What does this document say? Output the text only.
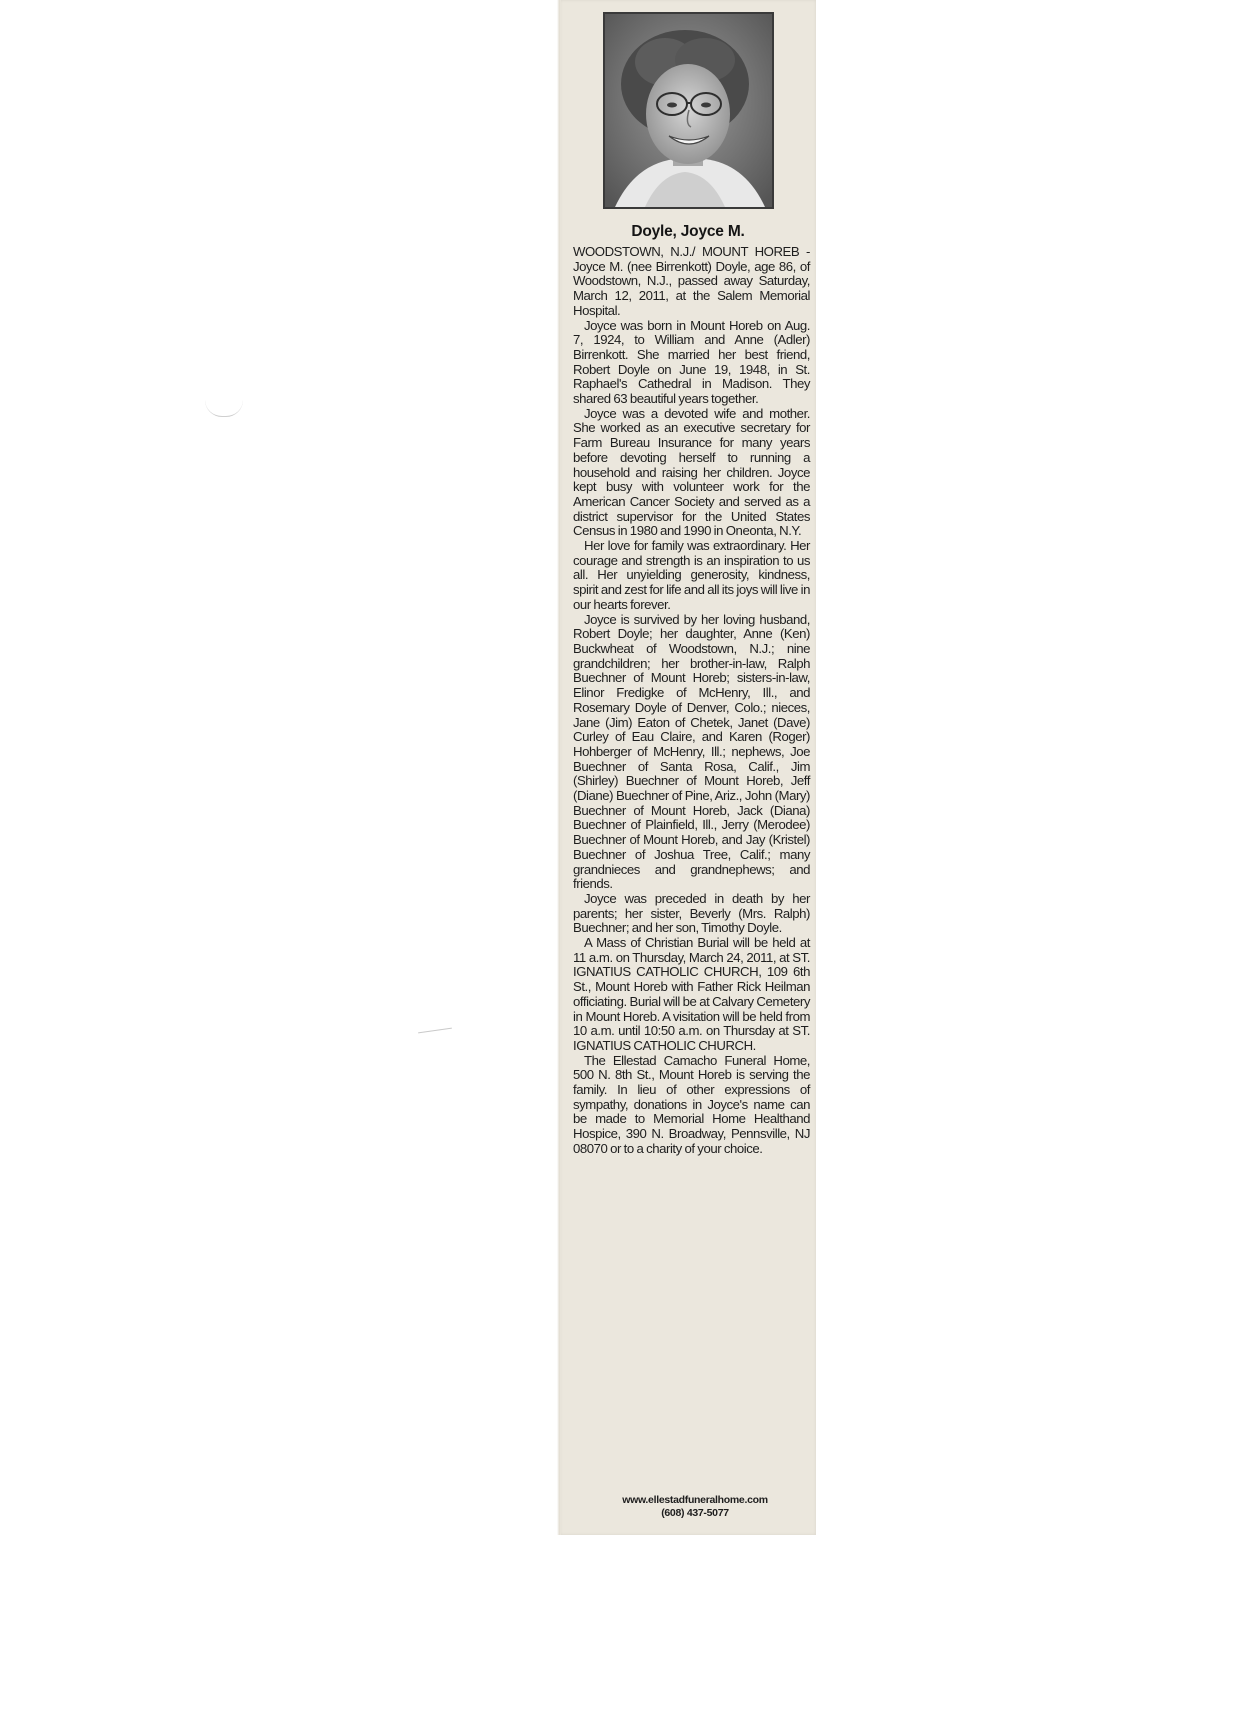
Doyle, Joyce M.

WOODSTOWN, N.J./ MOUNT HOREB - Joyce M. (nee Birrenkott) Doyle, age 86, of Woodstown, N.J., passed away Saturday, March 12, 2011, at the Salem Memorial Hospital.

Joyce was born in Mount Horeb on Aug. 7, 1924, to William and Anne (Adler) Birrenkott. She married her best friend, Robert Doyle on June 19, 1948, in St. Raphael's Cathedral in Madison. They shared 63 beautiful years together.

Joyce was a devoted wife and mother. She worked as an executive secretary for Farm Bureau Insurance for many years before devoting herself to running a household and raising her children. Joyce kept busy with volunteer work for the American Cancer Society and served as a district supervisor for the United States Census in 1980 and 1990 in Oneonta, N.Y.

Her love for family was extraordinary. Her courage and strength is an inspiration to us all. Her unyielding generosity, kindness, spirit and zest for life and all its joys will live in our hearts forever.

Joyce is survived by her loving husband, Robert Doyle; her daughter, Anne (Ken) Buckwheat of Woodstown, N.J.; nine grandchildren; her brother-in-law, Ralph Buechner of Mount Horeb; sisters-in-law, Elinor Fredigke of McHenry, Ill., and Rosemary Doyle of Denver, Colo.; nieces, Jane (Jim) Eaton of Chetek, Janet (Dave) Curley of Eau Claire, and Karen (Roger) Hohberger of McHenry, Ill.; nephews, Joe Buechner of Santa Rosa, Calif., Jim (Shirley) Buechner of Mount Horeb, Jeff (Diane) Buechner of Pine, Ariz., John (Mary) Buechner of Mount Horeb, Jack (Diana) Buechner of Plainfield, Ill., Jerry (Merodee) Buechner of Mount Horeb, and Jay (Kristel) Buechner of Joshua Tree, Calif.; many grandnieces and grandnephews; and friends.

Joyce was preceded in death by her parents; her sister, Beverly (Mrs. Ralph) Buechner; and her son, Timothy Doyle.

A Mass of Christian Burial will be held at 11 a.m. on Thursday, March 24, 2011, at ST. IGNATIUS CATHOLIC CHURCH, 109 6th St., Mount Horeb with Father Rick Heilman officiating. Burial will be at Calvary Cemetery in Mount Horeb. A visitation will be held from 10 a.m. until 10:50 a.m. on Thursday at ST. IGNATIUS CATHOLIC CHURCH.

The Ellestad Camacho Funeral Home, 500 N. 8th St., Mount Horeb is serving the family. In lieu of other expressions of sympathy, donations in Joyce's name can be made to Memorial Home Healthand Hospice, 390 N. Broadway, Pennsville, NJ 08070 or to a charity of your choice.

www.ellestadfuneralhome.com
(608) 437-5077
